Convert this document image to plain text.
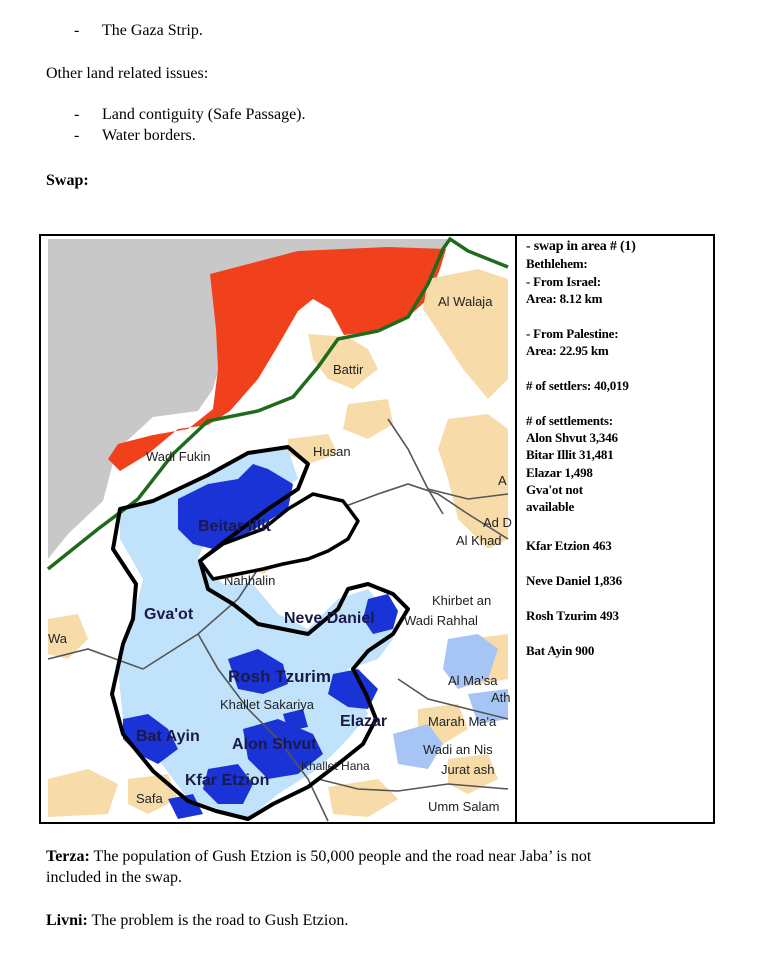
- The Gaza Strip.
Other land related issues:
- Land contiguity (Safe Passage).
- Water borders.
Swap:
Al Walaja
Battir
Wadi Fukin	Husan
A
Beitar Illit	Ad D
Al Khad
Nahhalin
Gva'ot	Neve Daniel
Khirbet an
Wadi Rahhal
Wa
Rosh Tzurim	Al Ma'sa
Ath
Khallet Sakariya
Elazar	Marah Ma'a
Bat Ayin Alon Shvut	Wadi an Nis
Khallet Hana	Jurat ash
Kfar Etzion
Safa
Umm Salam
- swap in area # (1)
Bethlehem:
- From Israel:
Area: 8.12 km
- From Palestine:
Area: 22.95 km
# of settlers: 40,019
# of settlements:
Alon Shvut 3,346
Bitar Illit 31,481
Elazar 1,498
Gva'ot not
available
Kfar Etzion 463
Neve Daniel 1,836
Rosh Tzurim 493
Bat Ayin 900
Terza: The population of Gush Etzion is 50,000 people and the road near Jaba’ is not
included in the swap.
Livni: The problem is the road to Gush Etzion.
